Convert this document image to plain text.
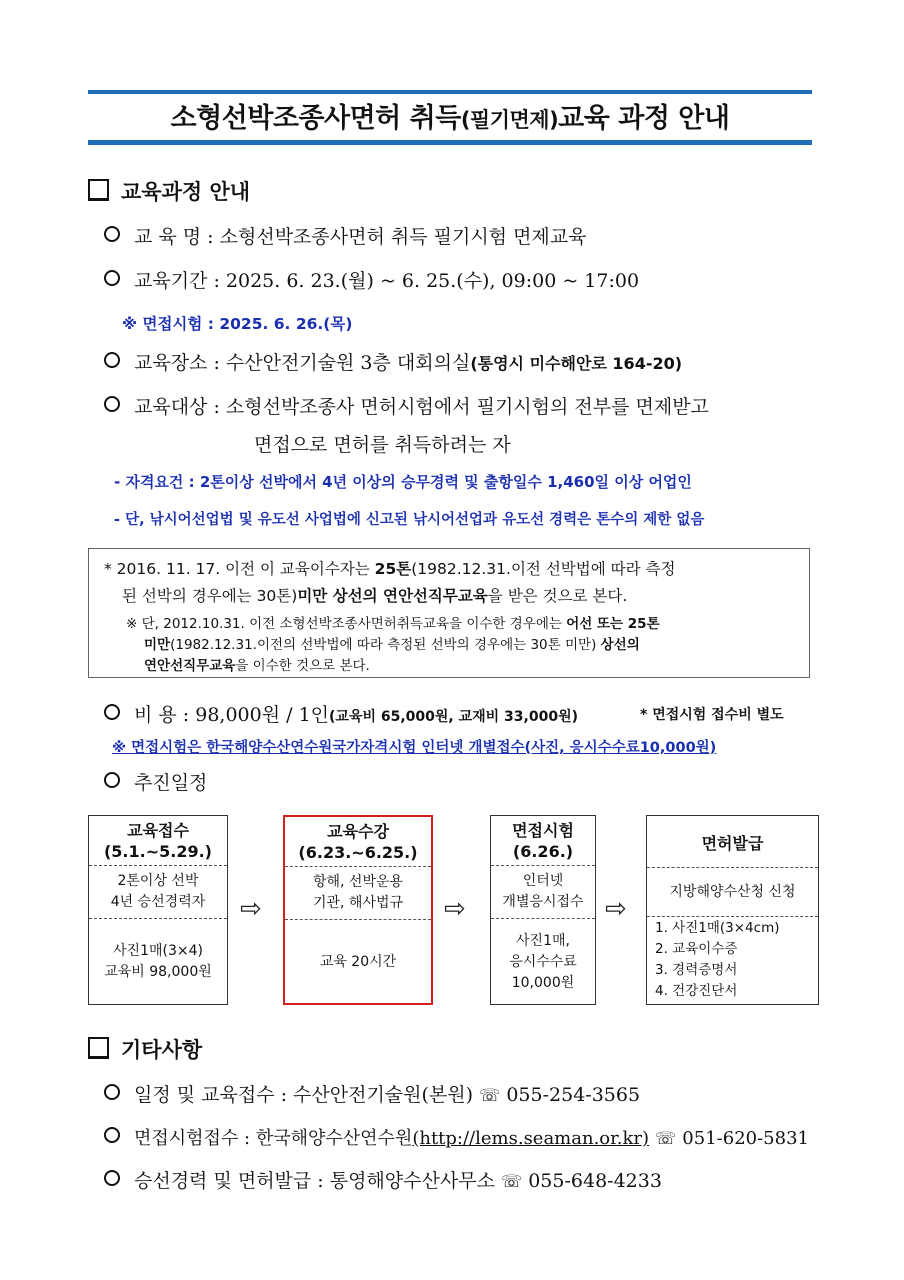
소형선박조종사면허 취득(필기면제)교육 과정 안내
교육과정 안내
교 육 명 : 소형선박조종사면허 취득 필기시험 면제교육
교육기간 : 2025. 6. 23.(월) ~ 6. 25.(수), 09:00 ~ 17:00
※ 면접시험 : 2025. 6. 26.(목)
교육장소 : 수산안전기술원 3층 대회의실(통영시 미수해안로 164-20)
교육대상 : 소형선박조종사 면허시험에서 필기시험의 전부를 면제받고
면접으로 면허를 취득하려는 자
- 자격요건 : 2톤이상 선박에서 4년 이상의 승무경력 및 출항일수 1,460일 이상 어업인
- 단, 낚시어선업법 및 유도선 사업법에 신고된 낚시어선업과 유도선 경력은 톤수의 제한 없음
* 2016. 11. 17. 이전 이 교육이수자는 25톤(1982.12.31.이전 선박법에 따라 측정
된 선박의 경우에는 30톤)미만 상선의 연안선직무교육을 받은 것으로 본다.
※ 단, 2012.10.31. 이전 소형선박조종사면허취득교육을 이수한 경우에는 어선 또는 25톤
미만(1982.12.31.이전의 선박법에 따라 측정된 선박의 경우에는 30톤 미만) 상선의
연안선직무교육을 이수한 것으로 본다.
비 용 : 98,000원 / 1인(교육비 65,000원, 교재비 33,000원)	* 면접시험 접수비 별도
※ 면접시험은 한국해양수산연수원국가자격시험 인터넷 개별접수(사진, 응시수수료10,000원)
추진일정
교육접수
(5.1.~5.29.)
2톤이상 선박
4년 승선경력자
사진1매(3×4)
교육비 98,000원
⇨
교육수강
(6.23.~6.25.)
항해, 선박운용
기관, 해사법규
교육 20시간
⇨
면접시험
(6.26.)
인터넷
개별응시접수
사진1매,
응시수수료
10,000원
⇨
면허발급
지방해양수산청 신청
1. 사진1매(3×4cm)
2. 교육이수증
3. 경력증명서
4. 건강진단서
기타사항
일정 및 교육접수 : 수산안전기술원(본원) ☏ 055-254-3565
면접시험접수 : 한국해양수산연수원(http://lems.seaman.or.kr) ☏ 051-620-5831
승선경력 및 면허발급 : 통영해양수산사무소 ☏ 055-648-4233
